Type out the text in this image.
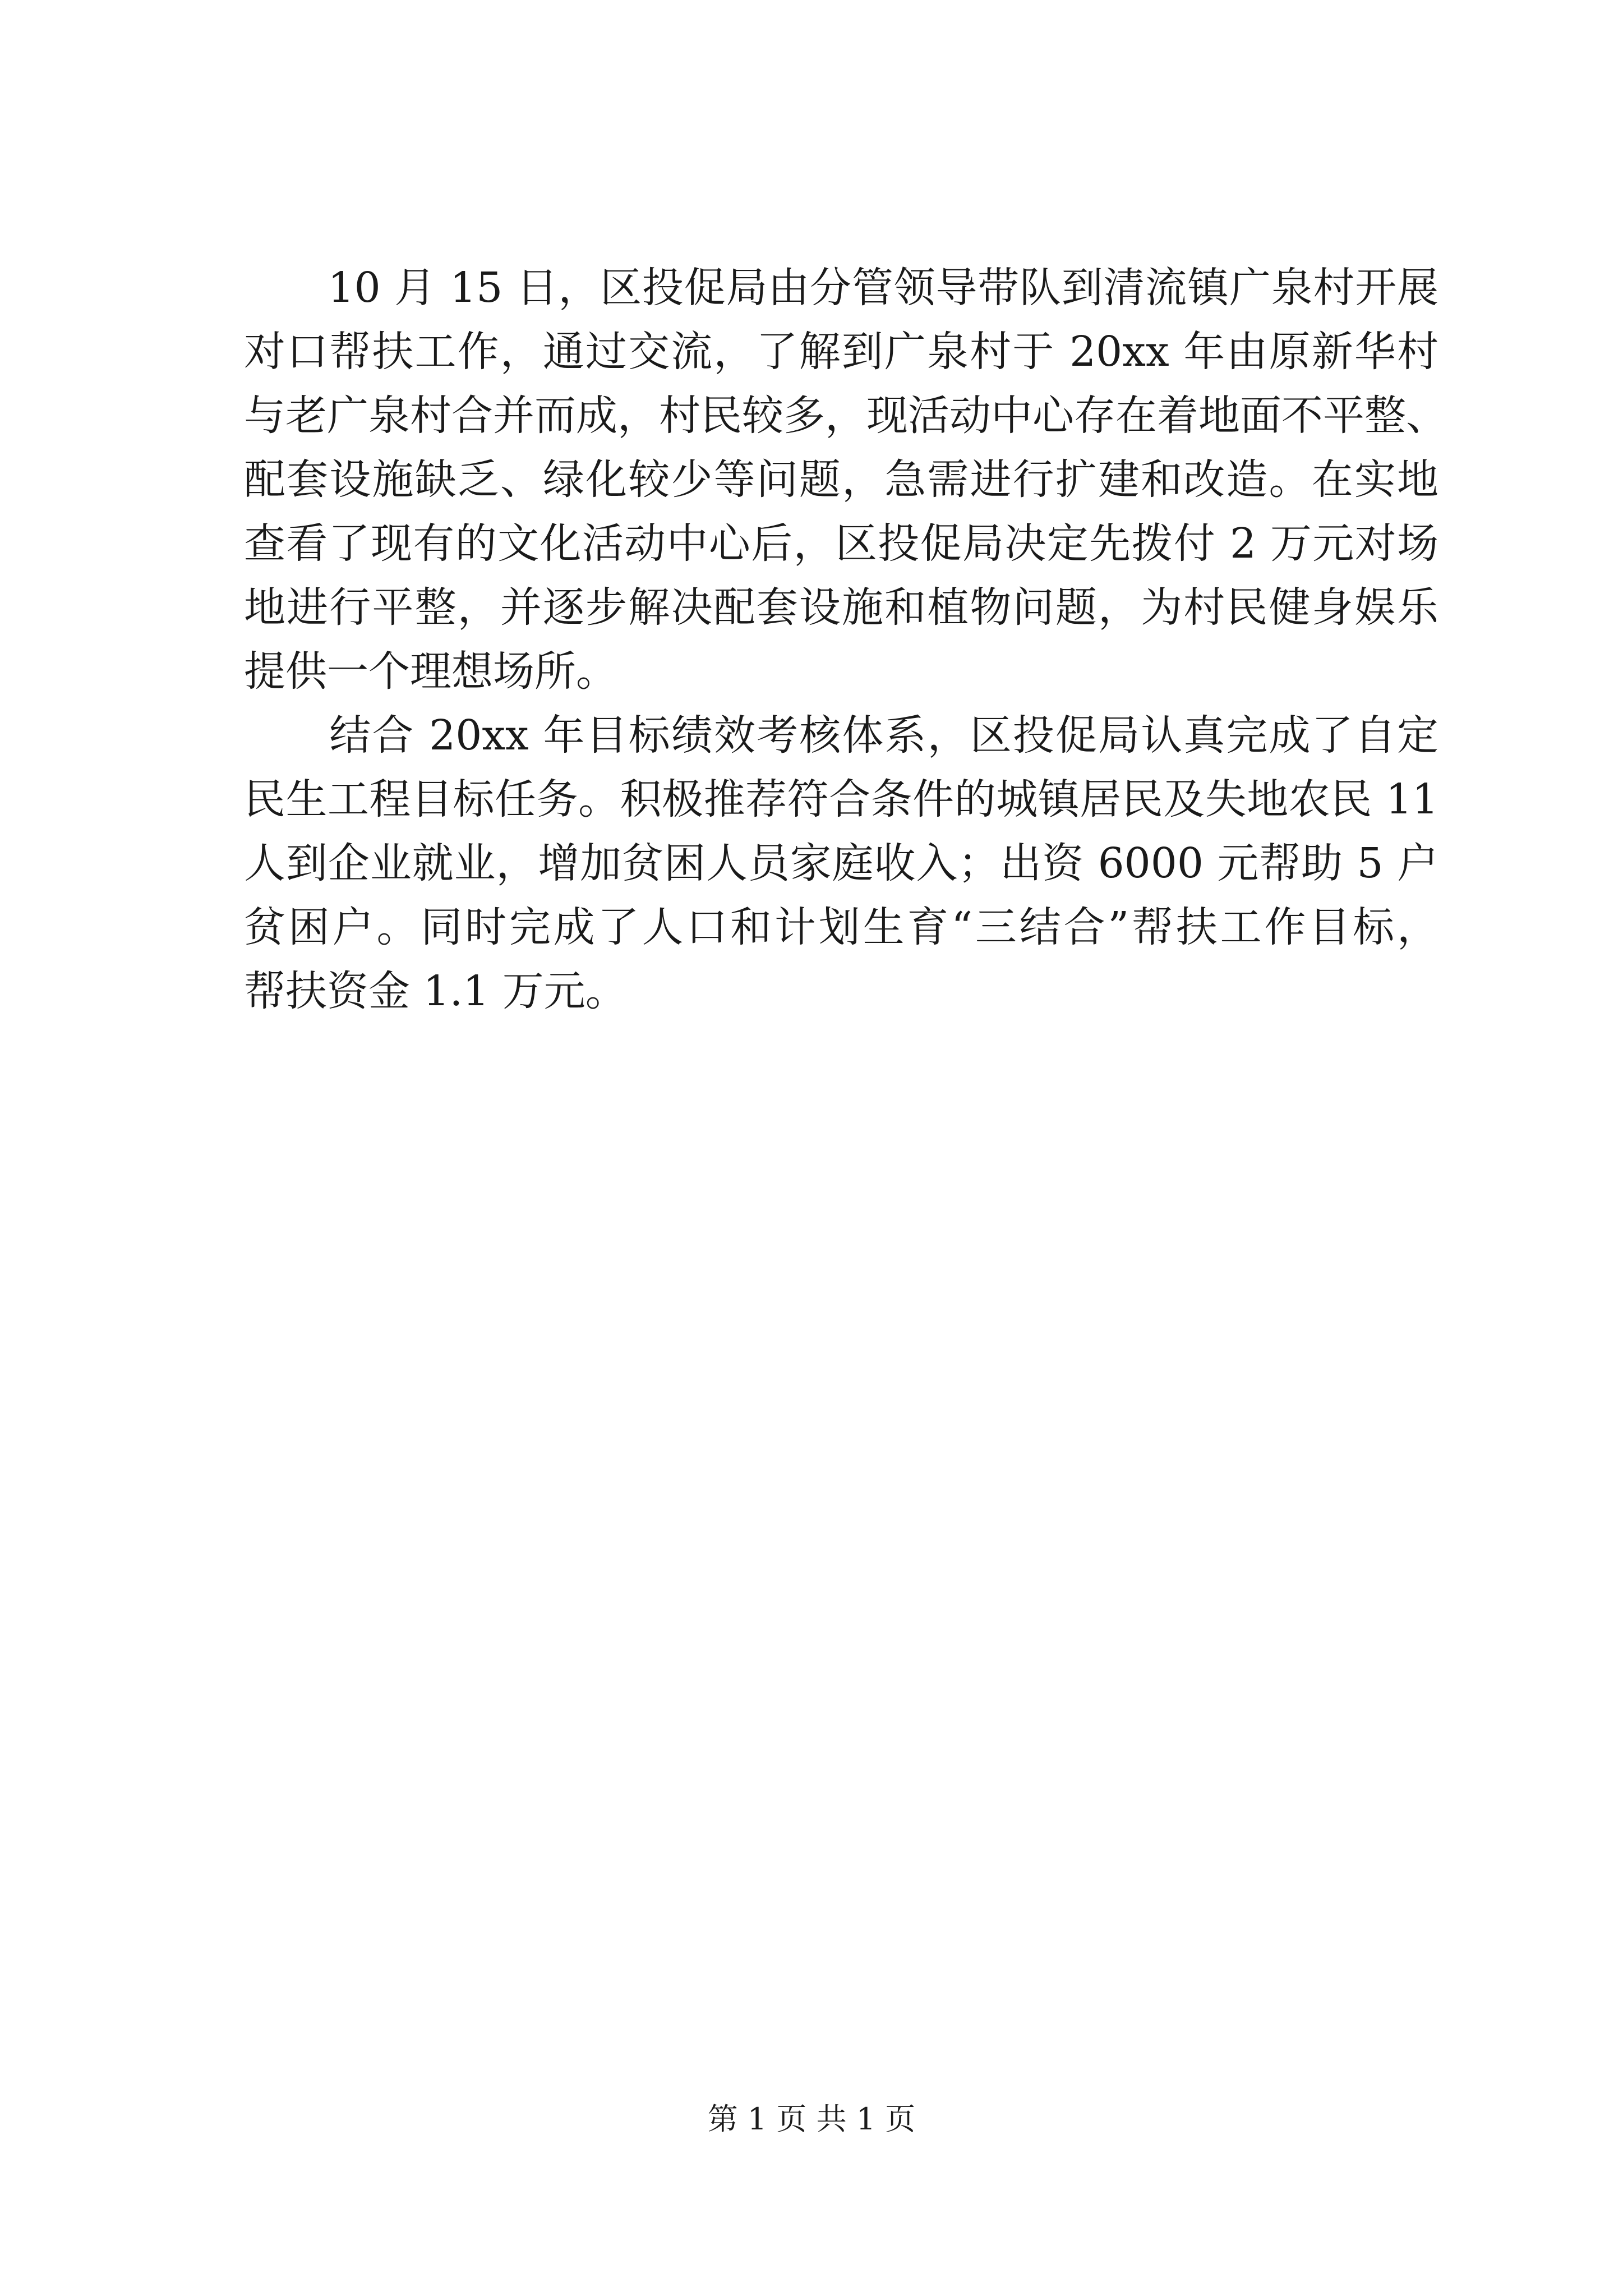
　　10 月 15 日，区投促局由分管领导带队到清流镇广泉村开展
对口帮扶工作，通过交流，了解到广泉村于 20xx 年由原新华村
与老广泉村合并而成，村民较多，现活动中心存在着地面不平整、
配套设施缺乏、绿化较少等问题，急需进行扩建和改造。在实地
查看了现有的文化活动中心后，区投促局决定先拨付 2 万元对场
地进行平整，并逐步解决配套设施和植物问题，为村民健身娱乐
提供一个理想场所。
　　结合 20xx 年目标绩效考核体系，区投促局认真完成了自定
民生工程目标任务。积极推荐符合条件的城镇居民及失地农民 11
人到企业就业，增加贫困人员家庭收入；出资 6000 元帮助 5 户
贫困户。同时完成了人口和计划生育“三结合”帮扶工作目标，
帮扶资金 1.1 万元。
第 1 页 共 1 页
